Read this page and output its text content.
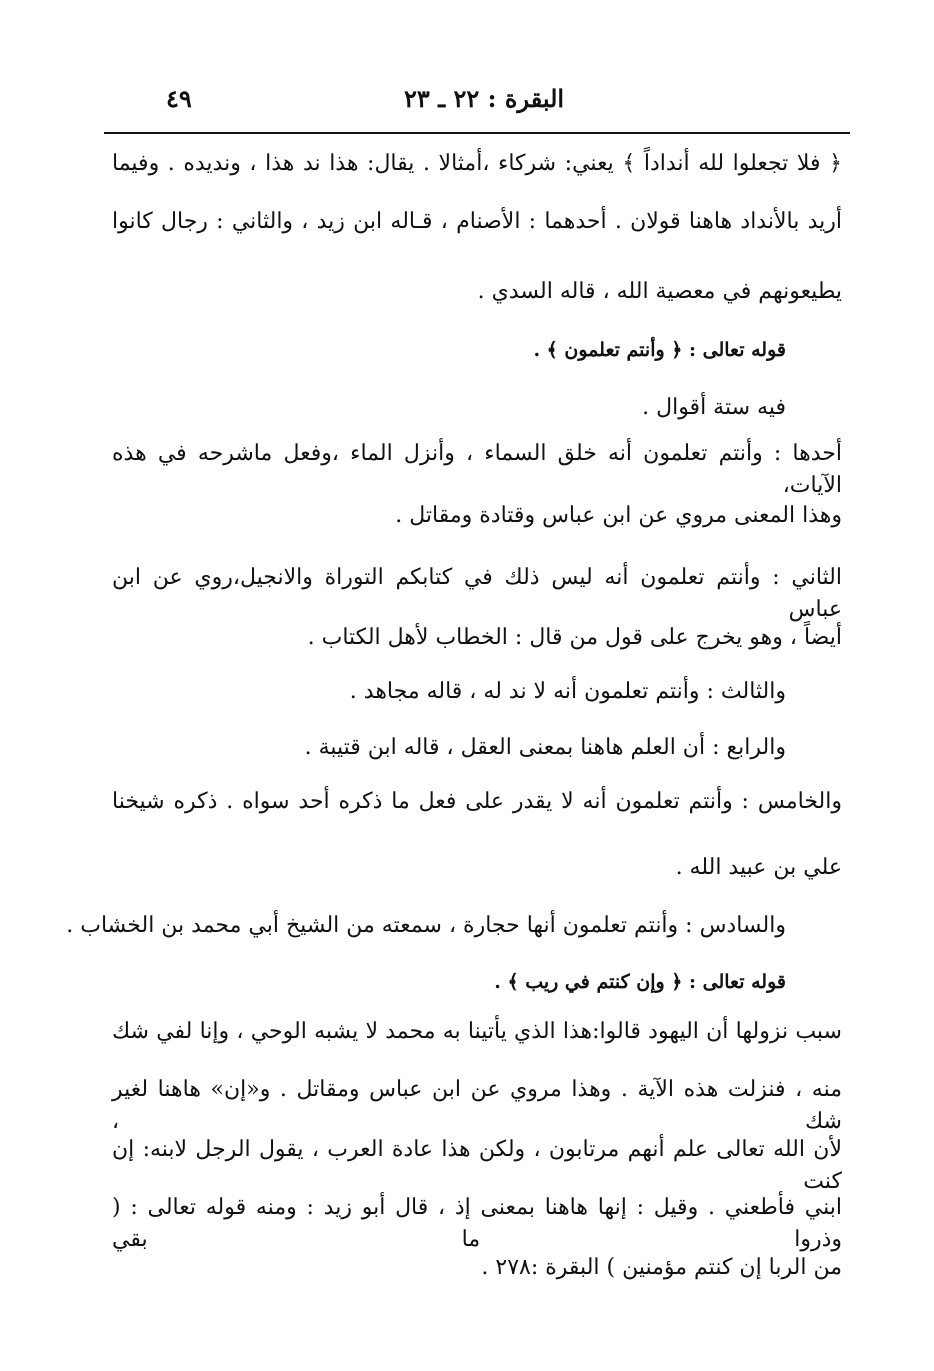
٤٩	البقرة : ٢٢ ـ ٢٣
﴿ فلا تجعلوا لله أنداداً ﴾ يعني: شركاء ،أمثالا . يقال: هذا ند هذا ، ونديده . وفيما
أريد بالأنداد هاهنا قولان . أحدهما : الأصنام ، قـاله ابن زيد ، والثاني : رجال كانوا
يطيعونهم في معصية الله ، قاله السدي .
قوله تعالى : ﴿ وأنتم تعلمون ﴾ .
فيه ستة أقوال .
أحدها : وأنتم تعلمون أنه خلق السماء ، وأنزل الماء ،وفعل ماشرحه في هذه الآيات،
وهذا المعنى مروي عن ابن عباس وقتادة ومقاتل .
الثاني : وأنتم تعلمون أنه ليس ذلك في كتابكم التوراة والانجيل،روي عن ابن عباس
أيضاً ، وهو يخرج على قول من قال : الخطاب لأهل الكتاب .
والثالث : وأنتم تعلمون أنه لا ند له ، قاله مجاهد .
والرابع : أن العلم هاهنا بمعنى العقل ، قاله ابن قتيبة .
والخامس : وأنتم تعلمون أنه لا يقدر على فعل ما ذكره أحد سواه . ذكره شيخنا
علي بن عبيد الله .
والسادس : وأنتم تعلمون أنها حجارة ، سمعته من الشيخ أبي محمد بن الخشاب .
قوله تعالى : ﴿ وإن كنتم في ريب ﴾ .
سبب نزولها أن اليهود قالوا:هذا الذي يأتينا به محمد لا يشبه الوحي ، وإنا لفي شك
منه ، فنزلت هذه الآية . وهذا مروي عن ابن عباس ومقاتل . و«إن» هاهنا لغير شك ،
لأن الله تعالى علم أنهم مرتابون ، ولكن هذا عادة العرب ، يقول الرجل لابنه: إن كنت
ابني فأطعني . وقيل : إنها هاهنا بمعنى إذ ، قال أبو زيد : ومنه قوله تعالى : ( وذروا ما بقي
من الربا إن كنتم مؤمنين ) البقرة :٢٧٨ .
